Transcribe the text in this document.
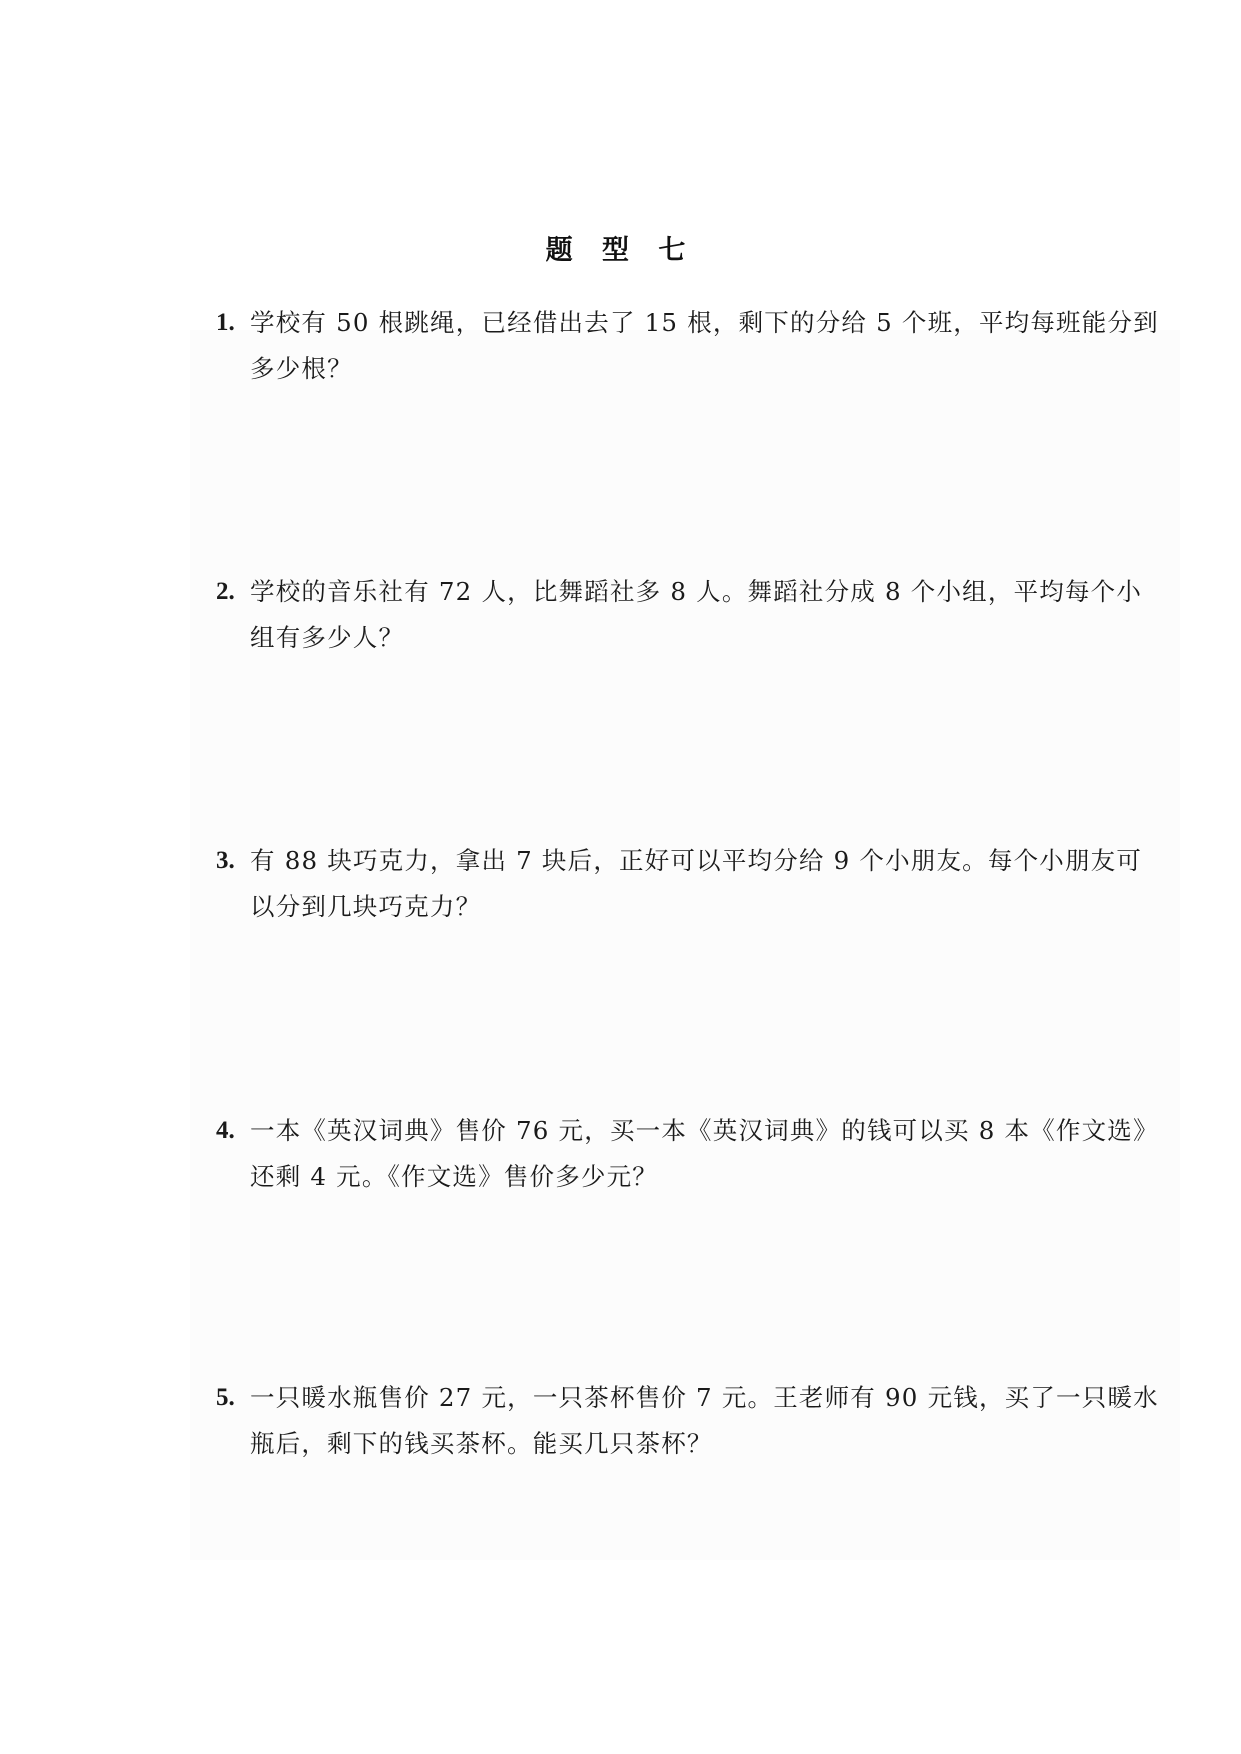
题 型 七
1. 学校有 50 根跳绳，已经借出去了 15 根，剩下的分给 5 个班，平均每班能分到多少根？
2. 学校的音乐社有 72 人，比舞蹈社多 8 人。舞蹈社分成 8 个小组，平均每个小组有多少人？
3. 有 88 块巧克力，拿出 7 块后，正好可以平均分给 9 个小朋友。每个小朋友可以分到几块巧克力？
4. 一本《英汉词典》售价 76 元，买一本《英汉词典》的钱可以买 8 本《作文选》还剩 4 元。《作文选》售价多少元？
5. 一只暖水瓶售价 27 元，一只茶杯售价 7 元。王老师有 90 元钱，买了一只暖水瓶后，剩下的钱买茶杯。能买几只茶杯？
